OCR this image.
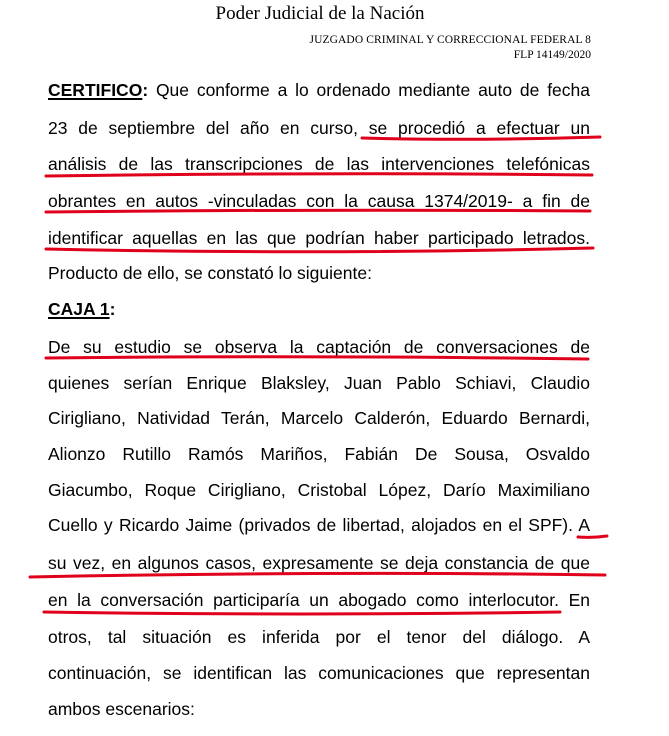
Poder Judicial de la Nación
JUZGADO CRIMINAL Y CORRECCIONAL FEDERAL 8
FLP 14149/2020
CERTIFICO: Que conforme a lo ordenado mediante auto de fecha
23 de septiembre del año en curso, se procedió a efectuar un
análisis de las transcripciones de las intervenciones telefónicas
obrantes en autos -vinculadas con la causa 1374/2019- a fin de
identificar aquellas en las que podrían haber participado letrados.
Producto de ello, se constató lo siguiente:
CAJA 1:
De su estudio se observa la captación de conversaciones de
quienes serían Enrique Blaksley, Juan Pablo Schiavi, Claudio
Cirigliano, Natividad Terán, Marcelo Calderón, Eduardo Bernardi,
Alionzo Rutillo Ramós Mariños, Fabián De Sousa, Osvaldo
Giacumbo, Roque Cirigliano, Cristobal López, Darío Maximiliano
Cuello y Ricardo Jaime (privados de libertad, alojados en el SPF). A
su vez, en algunos casos, expresamente se deja constancia de que
en la conversación participaría un abogado como interlocutor. En
otros, tal situación es inferida por el tenor del diálogo. A
continuación, se identifican las comunicaciones que representan
ambos escenarios:
